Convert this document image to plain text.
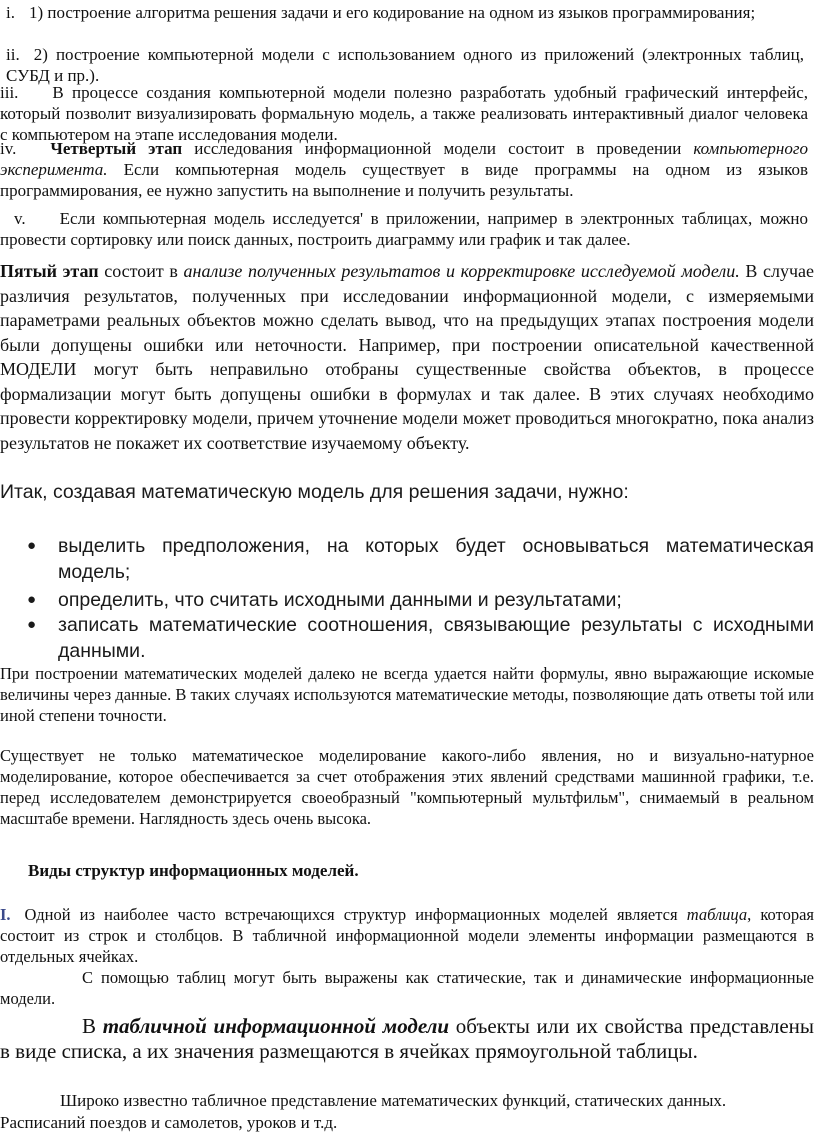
i. 1) построение алгоритма решения задачи и его кодирование на одном из языков программирования;
ii. 2) построение компьютерной модели с использованием одного из приложений (электронных таблиц, СУБД и пр.).
iii. В процессе создания компьютерной модели полезно разработать удобный графический интерфейс, который позволит визуализировать формальную модель, а также реализовать интерактивный диалог человека с компьютером на этапе исследования модели.
iv. Четвертый этап исследования информационной модели состоит в проведении компьютерного эксперимента. Если компьютерная модель существует в виде программы на одном из языков программирования, ее нужно запустить на выполнение и получить результаты.
v. Если компьютерная модель исследуется' в приложении, например в электронных таблицах, можно провести сортировку или поиск данных, построить диаграмму или график и так далее.
Пятый этап состоит в анализе полученных результатов и корректировке исследуемой модели. В случае различия результатов, полученных при исследовании информационной модели, с измеряемыми параметрами реальных объектов можно сделать вывод, что на предыдущих этапах построения модели были допущены ошибки или неточности. Например, при построении описательной качественной МОДЕЛИ могут быть неправильно отобраны существенные свойства объектов, в процессе формализации могут быть допущены ошибки в формулах и так далее. В этих случаях необходимо провести корректировку модели, причем уточнение модели может проводиться многократно, пока анализ результатов не покажет их соответствие изучаемому объекту.
Итак, создавая математическую модель для решения задачи, нужно:
● выделить предположения, на которых будет основываться математическая модель;
● определить, что считать исходными данными и результатами;
● записать математические соотношения, связывающие результаты с исходными данными.
При построении математических моделей далеко не всегда удается найти формулы, явно выражающие искомые величины через данные. В таких случаях используются математические методы, позволяющие дать ответы той или иной степени точности.
Существует не только математическое моделирование какого-либо явления, но и визуально-натурное моделирование, которое обеспечивается за счет отображения этих явлений средствами машинной графики, т.е. перед исследователем демонстрируется своеобразный "компьютерный мультфильм", снимаемый в реальном масштабе времени. Наглядность здесь очень высока.
Виды структур информационных моделей.
I. Одной из наиболее часто встречающихся структур информационных моделей является таблица, которая состоит из строк и столбцов. В табличной информационной модели элементы информации размещаются в отдельных ячейках.
С помощью таблиц могут быть выражены как статические, так и динамические информационные модели.
В табличной информационной модели объекты или их свойства представлены в виде списка, а их значения размещаются в ячейках прямоугольной таблицы.
Широко известно табличное представление математических функций, статических данных. Расписаний поездов и самолетов, уроков и т.д.
